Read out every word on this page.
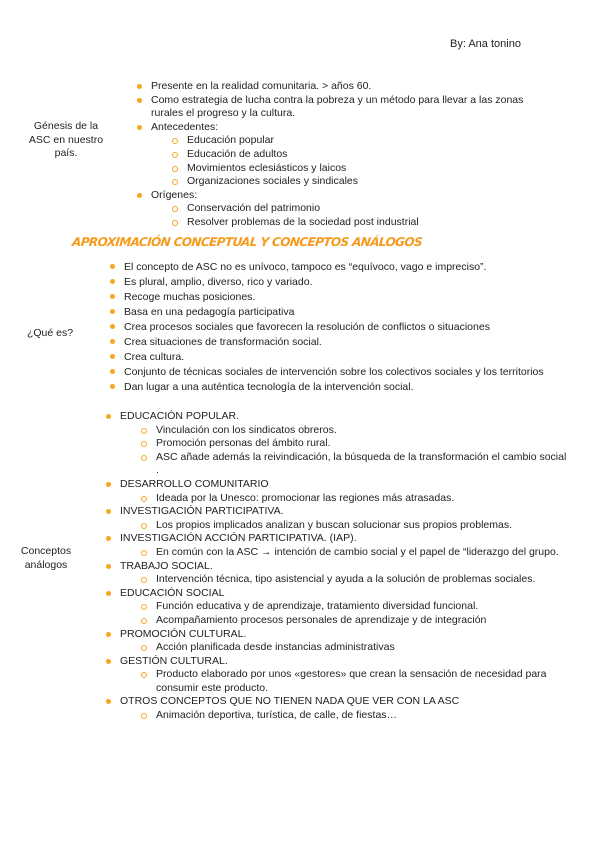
By: Ana tonino
Génesis de la ASC en nuestro país.
Presente en la realidad comunitaria. > años 60.
Como estrategia de lucha contra la pobreza y un método para llevar a las zonas rurales el progreso y la cultura.
Antecedentes:
Educación popular
Educación de adultos
Movimientos eclesiásticos y laicos
Organizaciones sociales y sindicales
Orígenes:
Conservación del patrimonio
Resolver problemas de la sociedad post industrial
APROXIMACIÓN CONCEPTUAL Y CONCEPTOS ANÁLOGOS
¿Qué es?
El concepto de ASC no es unívoco, tampoco es “equívoco, vago e impreciso”.
Es plural, amplio, diverso, rico y variado.
Recoge muchas posiciones.
Basa en una pedagogía participativa
Crea procesos sociales que favorecen la resolución de conflictos o situaciones
Crea situaciones de transformación social.
Crea cultura.
Conjunto de técnicas sociales de intervención sobre los colectivos sociales y los territorios
Dan lugar a una auténtica tecnología de la intervención social.
Conceptos análogos
EDUCACIÓN POPULAR.
Vinculación con los sindicatos obreros.
Promoción personas del ámbito rural.
ASC añade además la reivindicación, la búsqueda de la transformación el cambio social .
DESARROLLO COMUNITARIO
Ideada por la Unesco: promocionar las regiones más atrasadas.
INVESTIGACIÓN PARTICIPATIVA.
Los propios implicados analizan y buscan solucionar sus propios problemas.
INVESTIGACIÓN ACCIÓN PARTICIPATIVA. (IAP).
En común con la ASC → intención de cambio social y el papel de “liderazgo del grupo.
TRABAJO SOCIAL.
Intervención técnica, tipo asistencial y ayuda a la solución de problemas sociales.
EDUCACIÓN SOCIAL
Función educativa y de aprendizaje, tratamiento diversidad funcional.
Acompañamiento procesos personales de aprendizaje y de integración
PROMOCIÓN CULTURAL.
Acción planificada desde instancias administrativas
GESTIÓN CULTURAL.
Producto elaborado por unos «gestores» que crean la sensación de necesidad para consumir este producto.
OTROS CONCEPTOS QUE NO TIENEN NADA QUE VER CON LA ASC
Animación deportiva, turística, de calle, de fiestas…
